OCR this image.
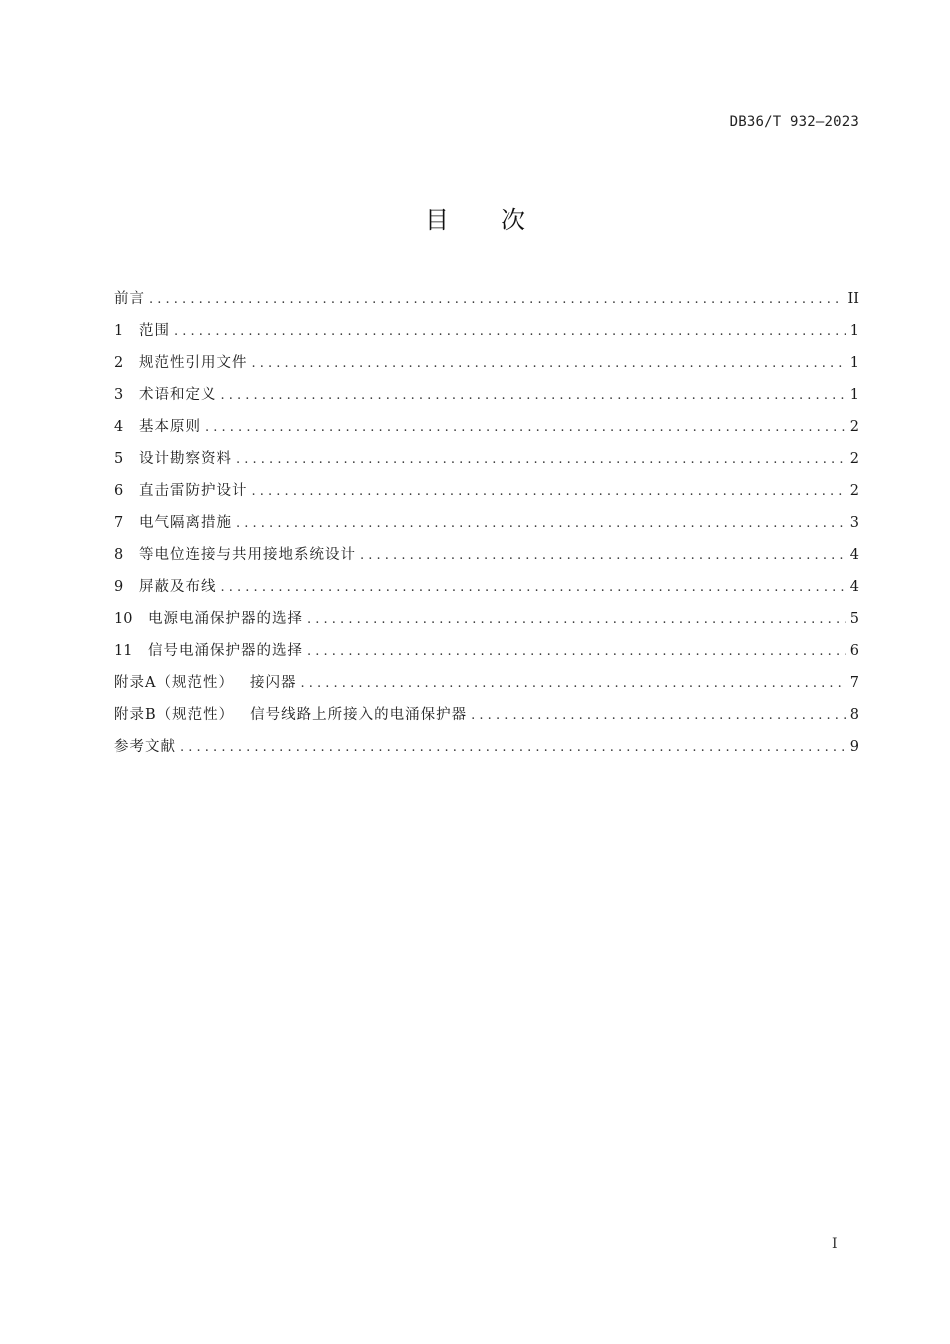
DB36/T 932—2023
目次
前言 . . .	II
1	范围 . . .	1
2	规范性引用文件 . . .	1
3	术语和定义 . . .	1
4	基本原则 . . .	2
5	设计勘察资料 . . .	2
6	直击雷防护设计 . . .	2
7	电气隔离措施 . . .	3
8	等电位连接与共用接地系统设计 . . .	4
9	屏蔽及布线 . . .	4
10	电源电涌保护器的选择 . . .	5
11	信号电涌保护器的选择 . . .	6
附录A（规范性） 接闪器 . . .	7
附录B（规范性） 信号线路上所接入的电涌保护器 . . .	8
参考文献 . . .	9
I
